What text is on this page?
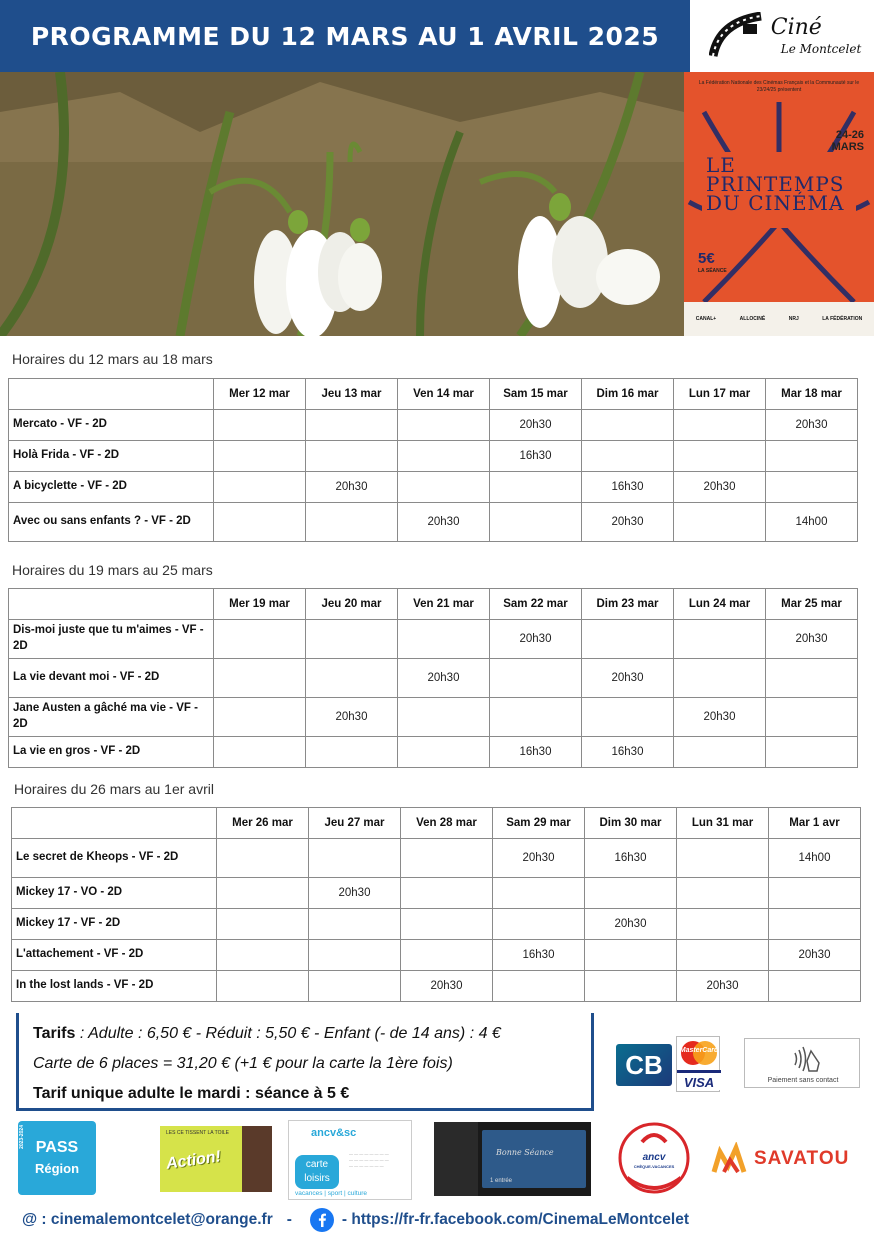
PROGRAMME DU 12 MARS AU 1 AVRIL 2025	Ciné
Le Montcelet
La Fédération Nationale des Cinémas Français et la Communauté sur le 23/24/25 présentent
24-26
MARS
LE PRINTEMPS DU CINÉMA
5€
LA SÉANCE
CANAL+	ALLOCINÉ	NRJ	LA FÉDÉRATION
Horaires du 12 mars au 18 mars
	Mer 12 mar	Jeu 13 mar	Ven 14 mar	Sam 15 mar	Dim 16 mar	Lun 17 mar	Mar 18 mar
Mercato - VF - 2D				20h30			20h30
Holà Frida - VF - 2D				16h30			
A bicyclette - VF - 2D		20h30			16h30	20h30	
Avec ou sans enfants ? - VF - 2D			20h30		20h30		14h00
Horaires du 19 mars au 25 mars
	Mer 19 mar	Jeu 20 mar	Ven 21 mar	Sam 22 mar	Dim 23 mar	Lun 24 mar	Mar 25 mar
Dis-moi juste que tu m'aimes - VF - 2D				20h30			20h30
La vie devant moi - VF - 2D			20h30		20h30		
Jane Austen a gâché ma vie - VF - 2D		20h30				20h30	
La vie en gros - VF - 2D				16h30	16h30		
Horaires du 26 mars au 1er avril
	Mer 26 mar	Jeu 27 mar	Ven 28 mar	Sam 29 mar	Dim 30 mar	Lun 31 mar	Mar 1 avr
Le secret de Kheops - VF - 2D				20h30	16h30		14h00
Mickey 17 - VO - 2D		20h30					
Mickey 17 - VF - 2D					20h30		
L'attachement - VF - 2D				16h30			20h30
In the lost lands - VF - 2D			20h30			20h30	
Tarifs : Adulte : 6,50 € - Réduit : 5,50 € - Enfant (- de 14 ans) : 4 €
Carte de 6 places = 31,20 € (+1 € pour la carte la 1ère fois)
Tarif unique adulte le mardi : séance à 5 €
CB	MasterCard
VISA	Paiement sans contact
2023-2024 PASS
Région
LES CE TISSENT LA TOILE
Action!
ancv&sc
— — — — — — — —
— — — — — — — —
— — — — — — —
carte loisirs
vacances | sport | culture
Bonne Séance
1 entrée
ancv
CHÈQUE-VACANCES
Bienvenue
SAVATOU
@ : cinemalemontcelet@orange.fr -	- https://fr-fr.facebook.com/CinemaLeMontcelet
